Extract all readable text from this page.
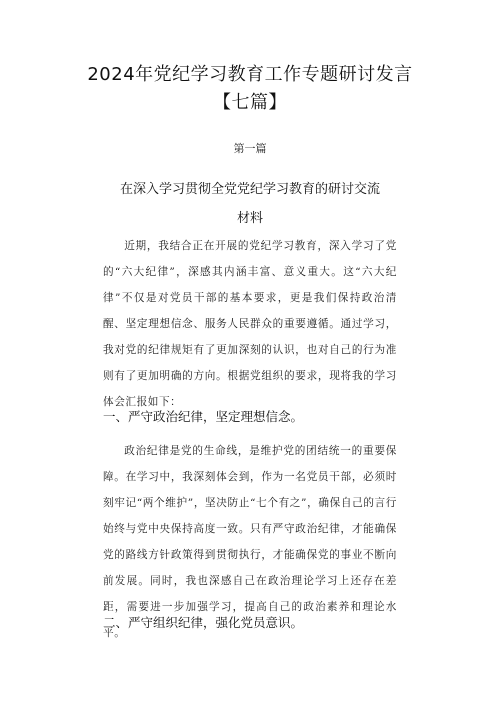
2024年党纪学习教育工作专题研讨发言
【七篇】
第一篇
在深入学习贯彻全党党纪学习教育的研讨交流
材料

近期，我结合正在开展的党纪学习教育，深入学习了党的“六大纪律”，深感其内涵丰富、意义重大。这“六大纪律”不仅是对党员干部的基本要求，更是我们保持政治清醒、坚定理想信念、服务人民群众的重要遵循。通过学习，我对党的纪律规矩有了更加深刻的认识，也对自己的行为准则有了更加明确的方向。根据党组织的要求，现将我的学习体会汇报如下：

一、严守政治纪律，坚定理想信念。

政治纪律是党的生命线，是维护党的团结统一的重要保障。在学习中，我深刻体会到，作为一名党员干部，必须时刻牢记“两个维护”，坚决防止“七个有之”，确保自己的言行始终与党中央保持高度一致。只有严守政治纪律，才能确保党的路线方针政策得到贯彻执行，才能确保党的事业不断向前发展。同时，我也深感自己在政治理论学习上还存在差距，需要进一步加强学习，提高自己的政治素养和理论水平。

二、严守组织纪律，强化党员意识。
